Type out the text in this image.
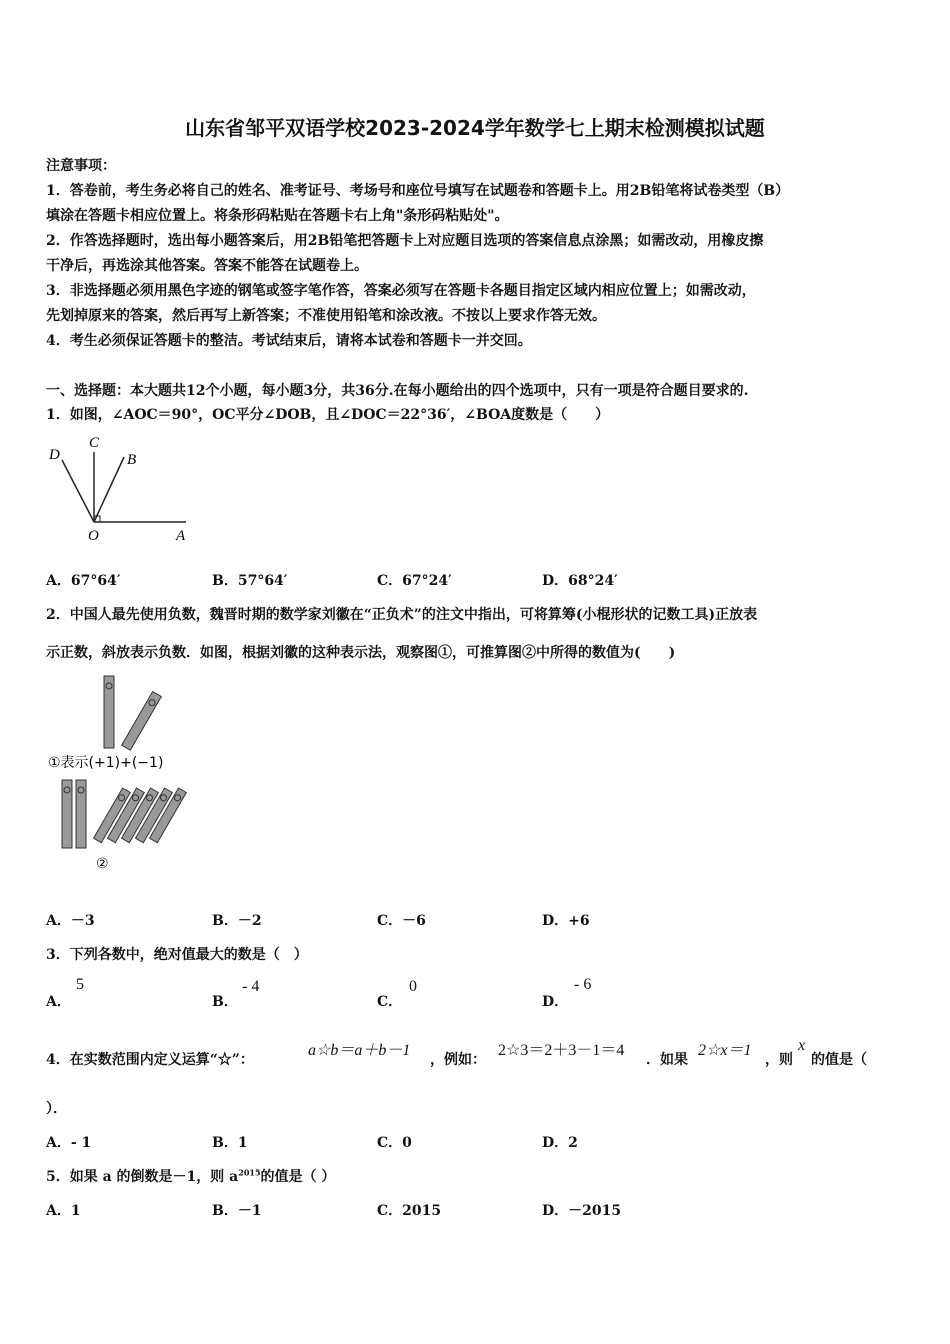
山东省邹平双语学校2023-2024学年数学七上期末检测模拟试题
注意事项：
1．答卷前，考生务必将自己的姓名、准考证号、考场号和座位号填写在试题卷和答题卡上。用2B铅笔将试卷类型（B）
填涂在答题卡相应位置上。将条形码粘贴在答题卡右上角"条形码粘贴处"。
2．作答选择题时，选出每小题答案后，用2B铅笔把答题卡上对应题目选项的答案信息点涂黑；如需改动，用橡皮擦
干净后，再选涂其他答案。答案不能答在试题卷上。
3．非选择题必须用黑色字迹的钢笔或签字笔作答，答案必须写在答题卡各题目指定区域内相应位置上；如需改动，
先划掉原来的答案，然后再写上新答案；不准使用铅笔和涂改液。不按以上要求作答无效。
4．考生必须保证答题卡的整洁。考试结束后，请将本试卷和答题卡一并交回。
一、选择题：本大题共12个小题，每小题3分，共36分.在每小题给出的四个选项中，只有一项是符合题目要求的.
1．如图，∠AOC＝90°，OC平分∠DOB，且∠DOC＝22°36′，∠BOA度数是（　　）
D
C
B
O	A
A．67°64′	B．57°64′	C．67°24′	D．68°24′
2．中国人最先使用负数，魏晋时期的数学家刘徽在“正负术”的注文中指出，可将算筹(小棍形状的记数工具)正放表
示正数，斜放表示负数．如图，根据刘徽的这种表示法，观察图①，可推算图②中所得的数值为(　　)
①表示(+1)+(−1)
②
A．－3	B．－2	C．－6	D．+6
3．下列各数中，绝对值最大的数是（　）
A．
5
B．
- 4
C．
0
D．
- 6
4．在实数范围内定义运算“☆”：
a☆b＝a＋b－1
，例如：
2☆3＝2＋3－1＝4
．如果
2☆x＝1
，则
x
的值是（
）．
A．- 1	B．1	C．0	D．2
5．如果 a 的倒数是－1，则 $a^{2015}$的值是（ ）
A．1	B．－1	C．2015	D．－2015
